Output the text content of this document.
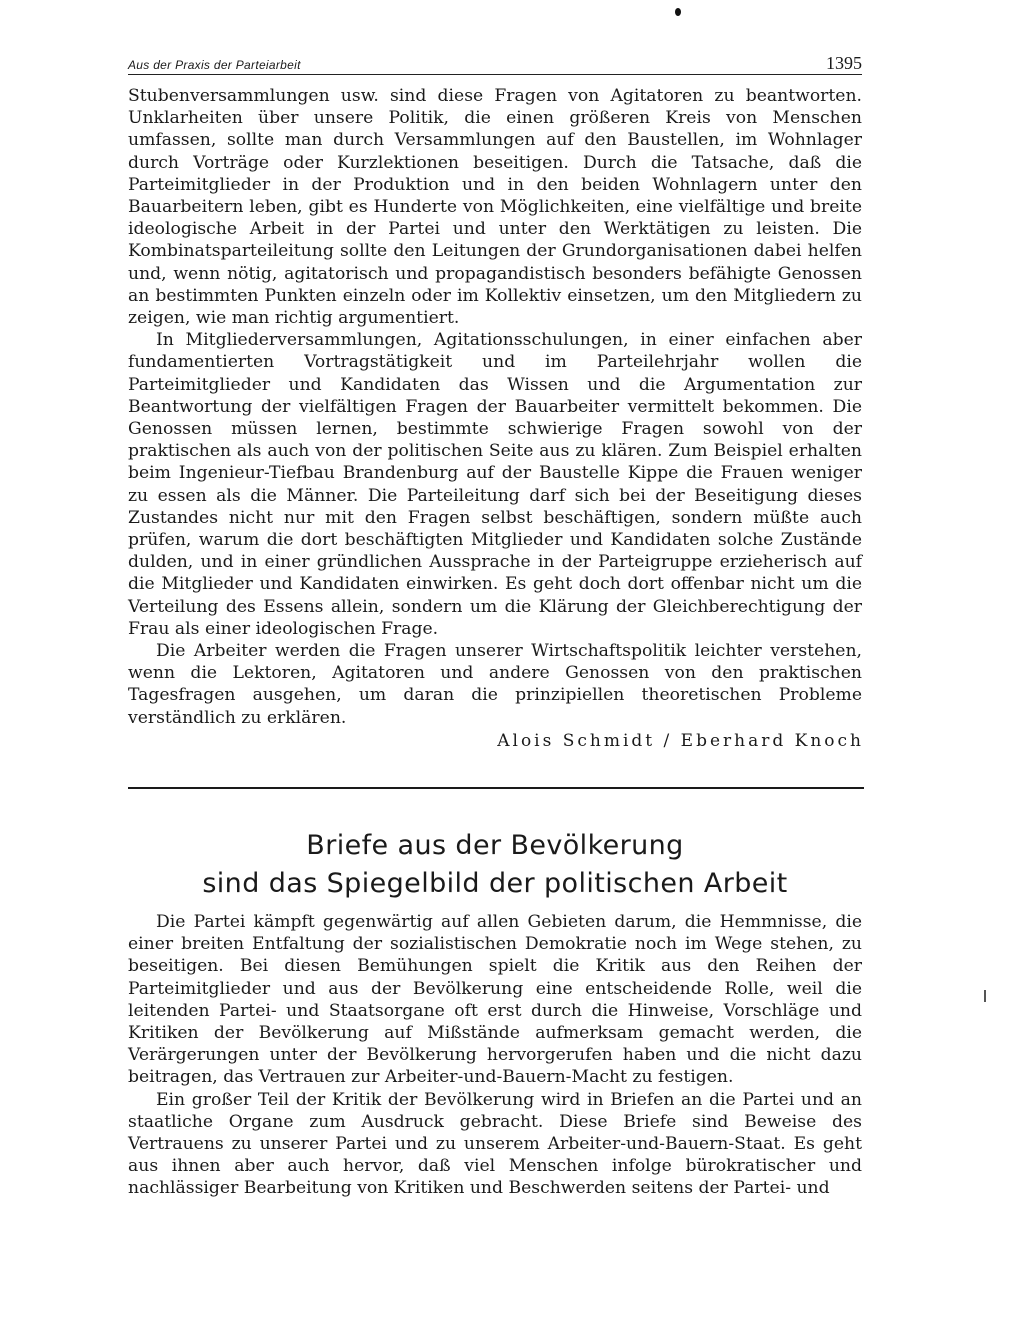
Aus der Praxis der Parteiarbeit	1395

Stubenversammlungen usw. sind diese Fragen von Agitatoren zu beantworten. Unklarheiten über unsere Politik, die einen größeren Kreis von Menschen umfassen, sollte man durch Versammlungen auf den Baustellen, im Wohnlager durch Vorträge oder Kurzlektionen beseitigen. Durch die Tatsache, daß die Parteimitglieder in der Produktion und in den beiden Wohnlagern unter den Bauarbeitern leben, gibt es Hunderte von Möglichkeiten, eine vielfältige und breite ideologische Arbeit in der Partei und unter den Werktätigen zu leisten. Die Kombinatsparteileitung sollte den Leitungen der Grundorganisationen dabei helfen und, wenn nötig, agitatorisch und propagandistisch besonders befähigte Genossen an bestimmten Punkten einzeln oder im Kollektiv einsetzen, um den Mitgliedern zu zeigen, wie man richtig argumentiert.

In Mitgliederversammlungen, Agitationsschulungen, in einer einfachen aber fundamentierten Vortragstätigkeit und im Parteilehrjahr wollen die Parteimitglieder und Kandidaten das Wissen und die Argumentation zur Beantwortung der vielfältigen Fragen der Bauarbeiter vermittelt bekommen. Die Genossen müssen lernen, bestimmte schwierige Fragen sowohl von der praktischen als auch von der politischen Seite aus zu klären. Zum Beispiel erhalten beim Ingenieur-Tiefbau Brandenburg auf der Baustelle Kippe die Frauen weniger zu essen als die Männer. Die Parteileitung darf sich bei der Beseitigung dieses Zustandes nicht nur mit den Fragen selbst beschäftigen, sondern müßte auch prüfen, warum die dort beschäftigten Mitglieder und Kandidaten solche Zustände dulden, und in einer gründlichen Aussprache in der Parteigruppe erzieherisch auf die Mitglieder und Kandidaten einwirken. Es geht doch dort offenbar nicht um die Verteilung des Essens allein, sondern um die Klärung der Gleichberechtigung der Frau als einer ideologischen Frage.

Die Arbeiter werden die Fragen unserer Wirtschaftspolitik leichter verstehen, wenn die Lektoren, Agitatoren und andere Genossen von den praktischen Tagesfragen ausgehen, um daran die prinzipiellen theoretischen Probleme verständlich zu erklären.

Alois Schmidt / Eberhard Knoch

Briefe aus der Bevölkerung
sind das Spiegelbild der politischen Arbeit

Die Partei kämpft gegenwärtig auf allen Gebieten darum, die Hemmnisse, die einer breiten Entfaltung der sozialistischen Demokratie noch im Wege stehen, zu beseitigen. Bei diesen Bemühungen spielt die Kritik aus den Reihen der Parteimitglieder und aus der Bevölkerung eine entscheidende Rolle, weil die leitenden Partei- und Staatsorgane oft erst durch die Hinweise, Vorschläge und Kritiken der Bevölkerung auf Mißstände aufmerksam gemacht werden, die Verärgerungen unter der Bevölkerung hervorgerufen haben und die nicht dazu beitragen, das Vertrauen zur Arbeiter-und-Bauern-Macht zu festigen.

Ein großer Teil der Kritik der Bevölkerung wird in Briefen an die Partei und an staatliche Organe zum Ausdruck gebracht. Diese Briefe sind Beweise des Vertrauens zu unserer Partei und zu unserem Arbeiter-und-Bauern-Staat. Es geht aus ihnen aber auch hervor, daß viel Menschen infolge bürokratischer und nachlässiger Bearbeitung von Kritiken und Beschwerden seitens der Partei- und
